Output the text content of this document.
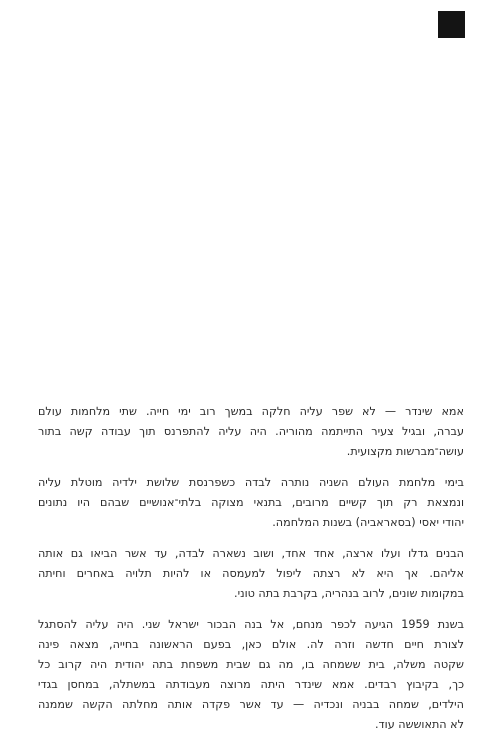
אמא שינדר — לא שפר עליה חלקה במשך רוב ימי חייה. שתי מלחמות עולם
עברה, ובגיל צעיר התייתמה מהוריה. היה עליה להתפרנס תוך עבודה קשה בתור
עושה־מברשות מקצועית.

בימי מלחמת העולם השניה נותרה לבדה כשפרנסת שלושת ילדיה מוטלת עליה
ונמצאת רק תוך קשיים מרובים, בתנאי מצוקה בלתי־אנושיים שבהם היו נתונים
יהודי יאסי (בסאראביה) בשנות המלחמה.

הבנים גדלו ועלו ארצה, אחד אחד, ושוב נשארה לבדה, עד אשר הביאו גם אותה
אליהם. אך היא לא רצתה ליפול למעמסה או להיות תלויה באחרים וחיתה
במקומות שונים, לרוב בנהריה, בקרבת בתה טוני.

בשנת 1959 הגיעה לכפר מנחם, אל בנה הבכור ישראל שני. היה עליה להסתגל
לצורת חיים חדשה וזרה לה. אולם כאן, בפעם הראשונה בחייה, מצאה פינה
שקטה משלה, בית ששמחה בו, מה גם שבית משפחת בתה יהודית היה קרוב כל
כך, בקיבוץ רבדים. אמא שינדר היתה מרוצה מעבודתה במשתלה, במחסן בגדי
הילדים, שמחה בבניה ונכדיה — עד אשר פקדה אותה מחלתה הקשה שממנה
לא התאוששה עוד.
